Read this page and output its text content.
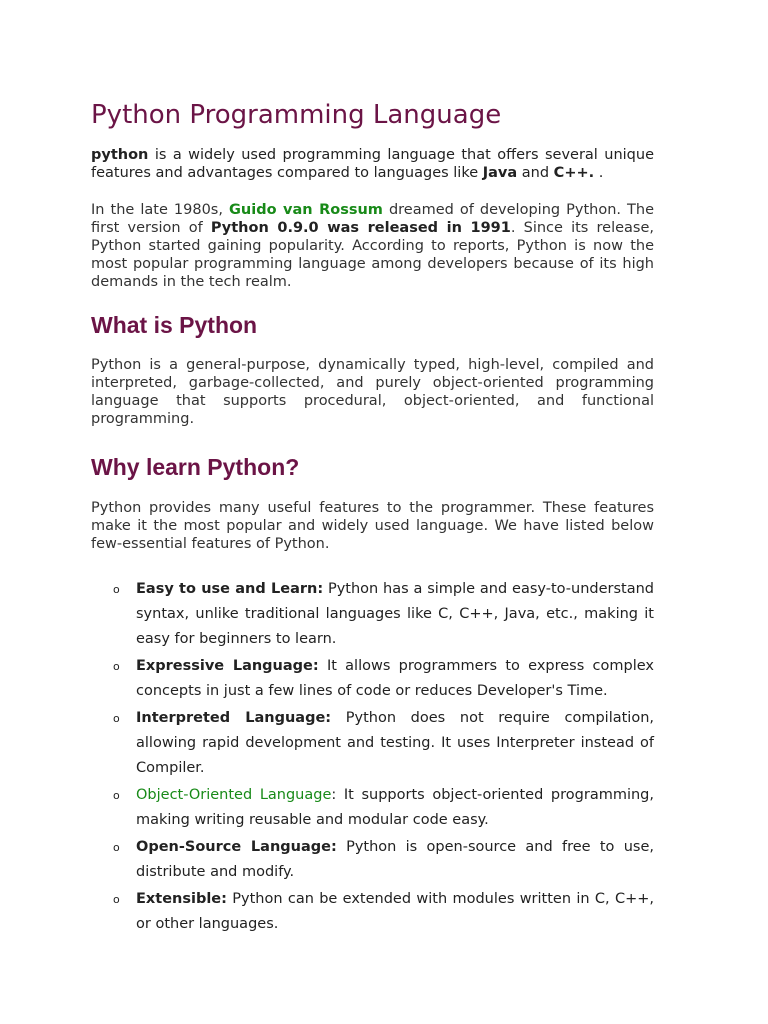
Python Programming Language

python is a widely used programming language that offers several unique features and advantages compared to languages like Java and C++. .

In the late 1980s, Guido van Rossum dreamed of developing Python. The first version of Python 0.9.0 was released in 1991. Since its release, Python started gaining popularity. According to reports, Python is now the most popular programming language among developers because of its high demands in the tech realm.

What is Python

Python is a general-purpose, dynamically typed, high-level, compiled and interpreted, garbage-collected, and purely object-oriented programming language that supports procedural, object-oriented, and functional programming.

Why learn Python?

Python provides many useful features to the programmer. These features make it the most popular and widely used language. We have listed below few-essential features of Python.

o Easy to use and Learn: Python has a simple and easy-to-understand syntax, unlike traditional languages like C, C++, Java, etc., making it easy for beginners to learn.
o Expressive Language: It allows programmers to express complex concepts in just a few lines of code or reduces Developer's Time.
o Interpreted Language: Python does not require compilation, allowing rapid development and testing. It uses Interpreter instead of Compiler.
o Object-Oriented Language: It supports object-oriented programming, making writing reusable and modular code easy.
o Open-Source Language: Python is open-source and free to use, distribute and modify.
o Extensible: Python can be extended with modules written in C, C++, or other languages.
